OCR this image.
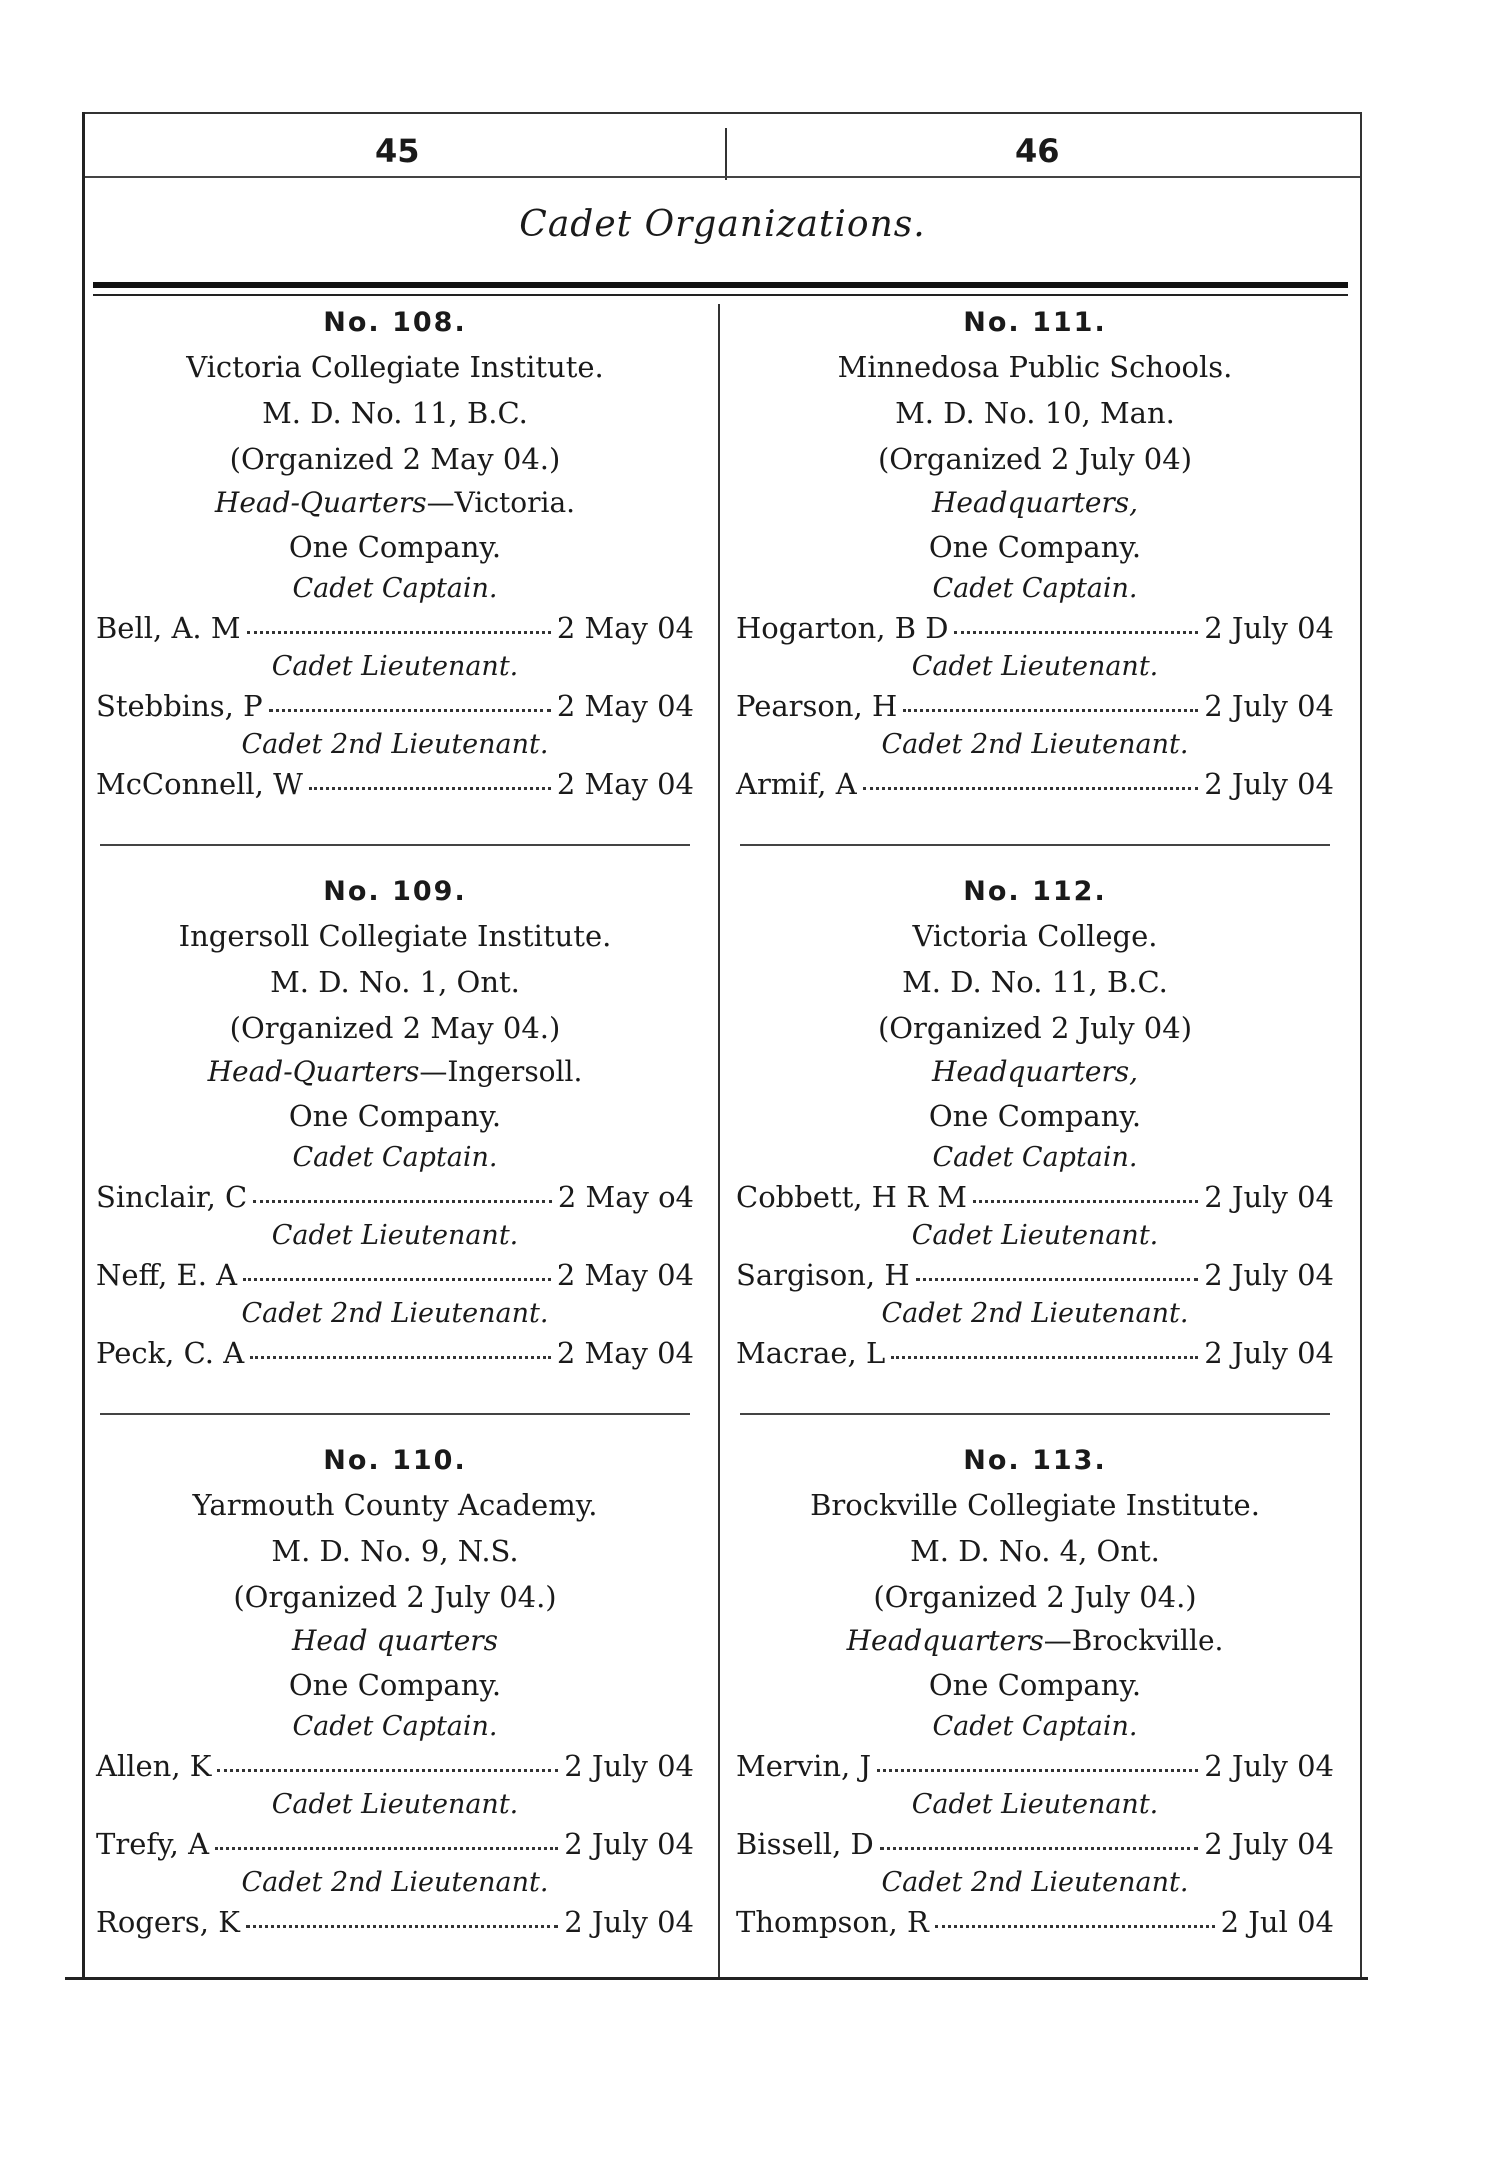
45	46
Cadet Organizations.
No. 108.
Victoria Collegiate Institute.
M. D. No. 11, B.C.
(Organized 2 May 04.)
Head-Quarters—Victoria.
One Company.
Cadet Captain.
Bell, A. M	2 May 04
Cadet Lieutenant.
Stebbins, P	2 May 04
Cadet 2nd Lieutenant.
McConnell, W	2 May 04
No. 109.
Ingersoll Collegiate Institute.
M. D. No. 1, Ont.
(Organized 2 May 04.)
Head-Quarters—Ingersoll.
One Company.
Cadet Captain.
Sinclair, C	2 May o4
Cadet Lieutenant.
Neff, E. A	2 May 04
Cadet 2nd Lieutenant.
Peck, C. A	2 May 04
No. 110.
Yarmouth County Academy.
M. D. No. 9, N.S.
(Organized 2 July 04.)
Head quarters
One Company.
Cadet Captain.
Allen, K	2 July 04
Cadet Lieutenant.
Trefy, A	2 July 04
Cadet 2nd Lieutenant.
Rogers, K	2 July 04
No. 111.
Minnedosa Public Schools.
M. D. No. 10, Man.
(Organized 2 July 04)
Headquarters,
One Company.
Cadet Captain.
Hogarton, B D	2 July 04
Cadet Lieutenant.
Pearson, H	2 July 04
Cadet 2nd Lieutenant.
Armif, A	2 July 04
No. 112.
Victoria College.
M. D. No. 11, B.C.
(Organized 2 July 04)
Headquarters,
One Company.
Cadet Captain.
Cobbett, H R M	2 July 04
Cadet Lieutenant.
Sargison, H	2 July 04
Cadet 2nd Lieutenant.
Macrae, L	2 July 04
No. 113.
Brockville Collegiate Institute.
M. D. No. 4, Ont.
(Organized 2 July 04.)
Headquarters—Brockville.
One Company.
Cadet Captain.
Mervin, J	2 July 04
Cadet Lieutenant.
Bissell, D	2 July 04
Cadet 2nd Lieutenant.
Thompson, R	2 Jul 04
